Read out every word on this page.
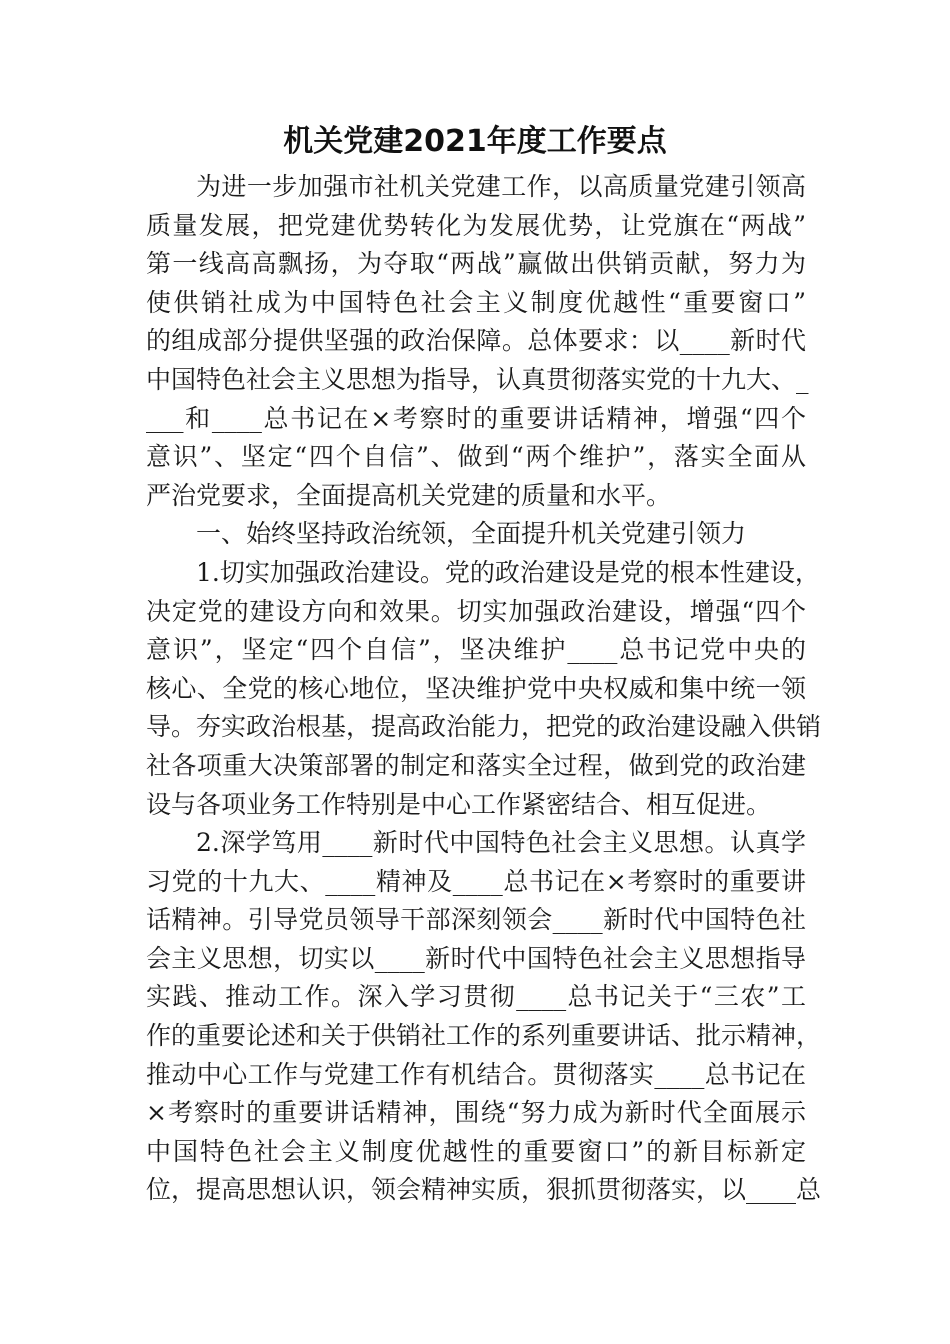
机关党建2021年度工作要点
为进一步加强市社机关党建工作，以高质量党建引领高
质量发展，把党建优势转化为发展优势，让党旗在“两战”
第一线高高飘扬，为夺取“两战”赢做出供销贡献，努力为
使供销社成为中国特色社会主义制度优越性“重要窗口”
的组成部分提供坚强的政治保障。总体要求：以____新时代
中国特色社会主义思想为指导，认真贯彻落实党的十九大、_
___和____总书记在×考察时的重要讲话精神，增强“四个
意识”、坚定“四个自信”、做到“两个维护”，落实全面从
严治党要求，全面提高机关党建的质量和水平。
一、始终坚持政治统领，全面提升机关党建引领力
1.切实加强政治建设。党的政治建设是党的根本性建设，
决定党的建设方向和效果。切实加强政治建设，增强“四个
意识”，坚定“四个自信”，坚决维护____总书记党中央的
核心、全党的核心地位，坚决维护党中央权威和集中统一领
导。夯实政治根基，提高政治能力，把党的政治建设融入供销
社各项重大决策部署的制定和落实全过程，做到党的政治建
设与各项业务工作特别是中心工作紧密结合、相互促进。
2.深学笃用____新时代中国特色社会主义思想。认真学
习党的十九大、____精神及____总书记在×考察时的重要讲
话精神。引导党员领导干部深刻领会____新时代中国特色社
会主义思想，切实以____新时代中国特色社会主义思想指导
实践、推动工作。深入学习贯彻____总书记关于“三农”工
作的重要论述和关于供销社工作的系列重要讲话、批示精神，
推动中心工作与党建工作有机结合。贯彻落实____总书记在
×考察时的重要讲话精神，围绕“努力成为新时代全面展示
中国特色社会主义制度优越性的重要窗口”的新目标新定
位，提高思想认识，领会精神实质，狠抓贯彻落实，以____总
